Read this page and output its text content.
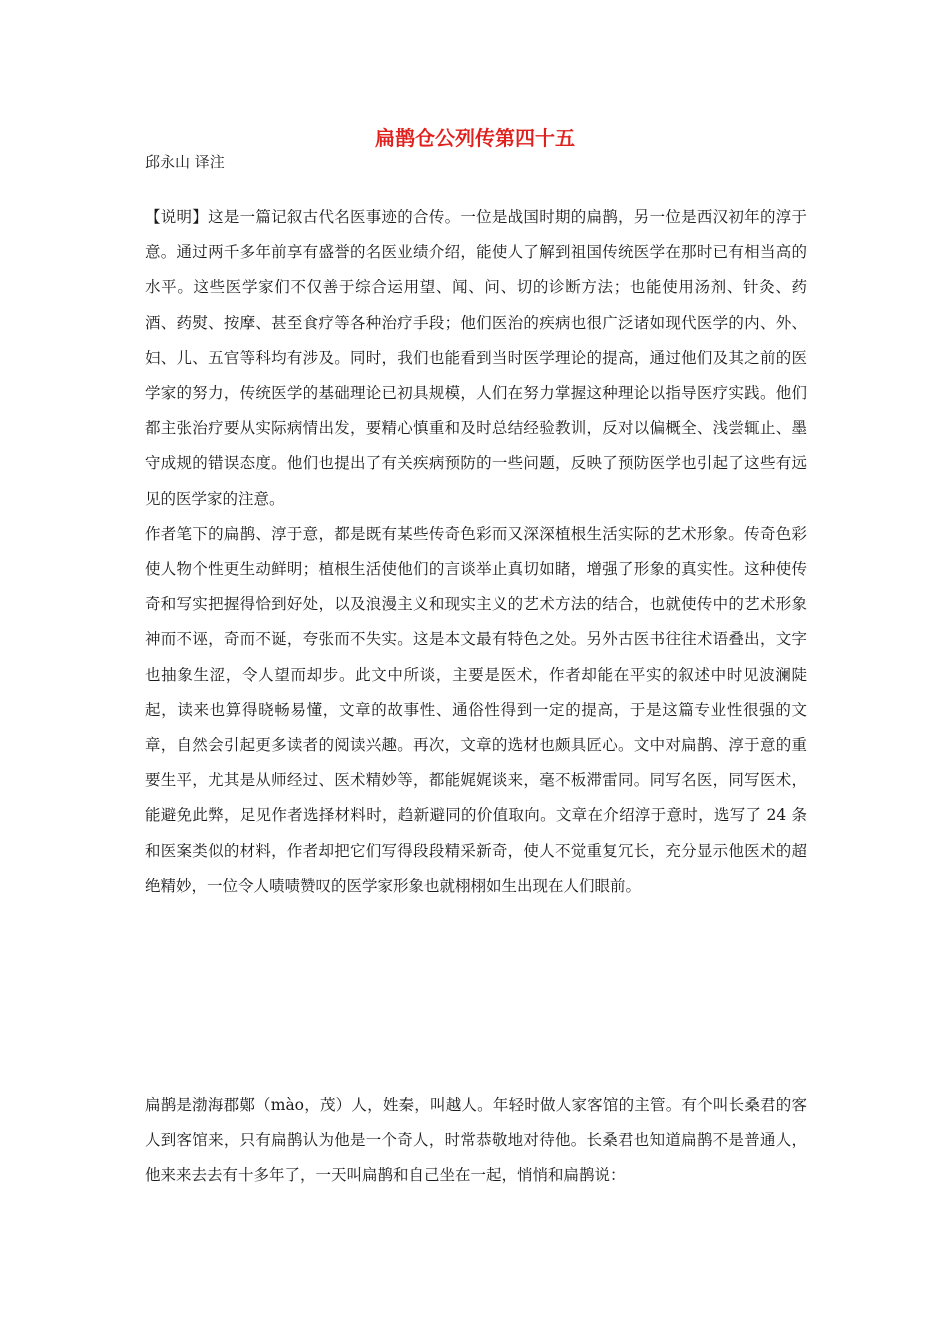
扁鹊仓公列传第四十五
邱永山 译注

【说明】这是一篇记叙古代名医事迹的合传。一位是战国时期的扁鹊，另一位是西汉初年的淳于意。通过两千多年前享有盛誉的名医业绩介绍，能使人了解到祖国传统医学在那时已有相当高的水平。这些医学家们不仅善于综合运用望、闻、问、切的诊断方法；也能使用汤剂、针灸、药酒、药熨、按摩、甚至食疗等各种治疗手段；他们医治的疾病也很广泛诸如现代医学的内、外、妇、儿、五官等科均有涉及。同时，我们也能看到当时医学理论的提高，通过他们及其之前的医学家的努力，传统医学的基础理论已初具规模，人们在努力掌握这种理论以指导医疗实践。他们都主张治疗要从实际病情出发，要精心慎重和及时总结经验教训，反对以偏概全、浅尝辄止、墨守成规的错误态度。他们也提出了有关疾病预防的一些问题，反映了预防医学也引起了这些有远见的医学家的注意。

作者笔下的扁鹊、淳于意，都是既有某些传奇色彩而又深深植根生活实际的艺术形象。传奇色彩使人物个性更生动鲜明；植根生活使他们的言谈举止真切如睹，增强了形象的真实性。这种使传奇和写实把握得恰到好处，以及浪漫主义和现实主义的艺术方法的结合，也就使传中的艺术形象神而不诬，奇而不诞，夸张而不失实。这是本文最有特色之处。另外古医书往往术语叠出，文字也抽象生涩，令人望而却步。此文中所谈，主要是医术，作者却能在平实的叙述中时见波澜陡起，读来也算得晓畅易懂，文章的故事性、通俗性得到一定的提高，于是这篇专业性很强的文章，自然会引起更多读者的阅读兴趣。再次，文章的选材也颇具匠心。文中对扁鹊、淳于意的重要生平，尤其是从师经过、医术精妙等，都能娓娓谈来，毫不板滞雷同。同写名医，同写医术，能避免此弊，足见作者选择材料时，趋新避同的价值取向。文章在介绍淳于意时，选写了 24 条和医案类似的材料，作者却把它们写得段段精采新奇，使人不觉重复冗长，充分显示他医术的超绝精妙，一位令人啧啧赞叹的医学家形象也就栩栩如生出现在人们眼前。

扁鹊是渤海郡鄚（màо，茂）人，姓秦，叫越人。年轻时做人家客馆的主管。有个叫长桑君的客人到客馆来，只有扁鹊认为他是一个奇人，时常恭敬地对待他。长桑君也知道扁鹊不是普通人，他来来去去有十多年了，一天叫扁鹊和自己坐在一起，悄悄和扁鹊说：
